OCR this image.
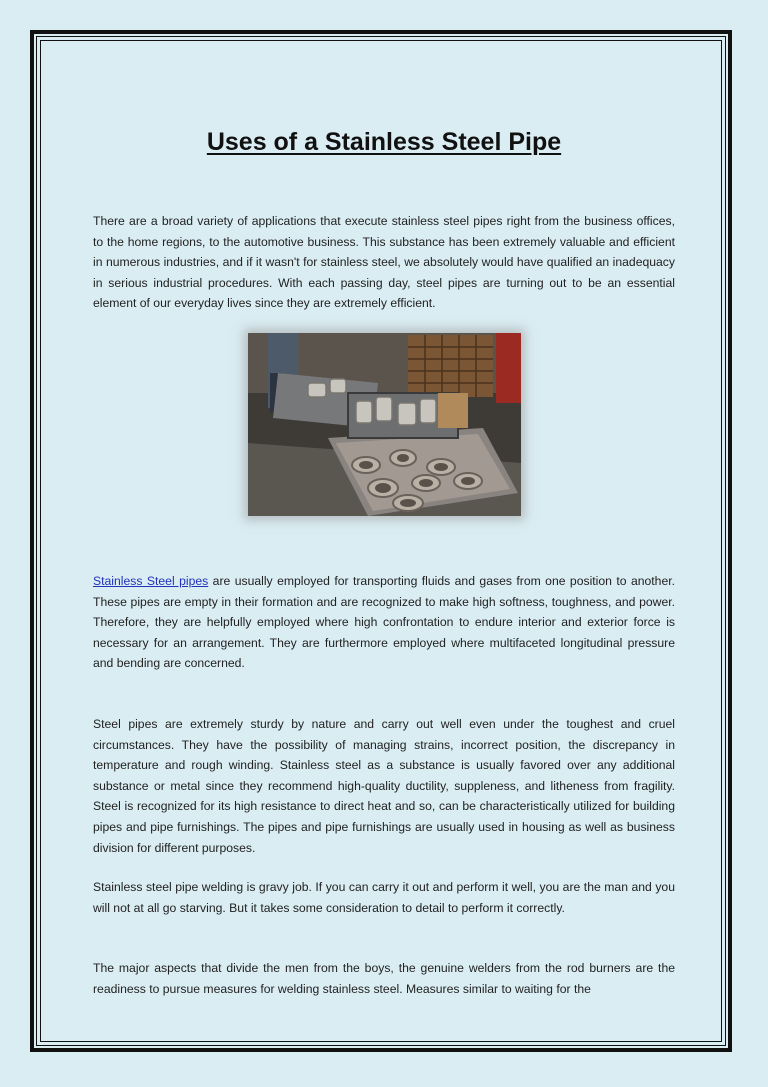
Uses of a Stainless Steel Pipe

There are a broad variety of applications that execute stainless steel pipes right from the business offices, to the home regions, to the automotive business. This substance has been extremely valuable and efficient in numerous industries, and if it wasn't for stainless steel, we absolutely would have qualified an inadequacy in serious industrial procedures. With each passing day, steel pipes are turning out to be an essential element of our everyday lives since they are extremely efficient.

Stainless Steel pipes are usually employed for transporting fluids and gases from one position to another. These pipes are empty in their formation and are recognized to make high softness, toughness, and power. Therefore, they are helpfully employed where high confrontation to endure interior and exterior force is necessary for an arrangement. They are furthermore employed where multifaceted longitudinal pressure and bending are concerned.

Steel pipes are extremely sturdy by nature and carry out well even under the toughest and cruel circumstances. They have the possibility of managing strains, incorrect position, the discrepancy in temperature and rough winding. Stainless steel as a substance is usually favored over any additional substance or metal since they recommend high-quality ductility, suppleness, and litheness from fragility. Steel is recognized for its high resistance to direct heat and so, can be characteristically utilized for building pipes and pipe furnishings. The pipes and pipe furnishings are usually used in housing as well as business division for different purposes.

Stainless steel pipe welding is gravy job. If you can carry it out and perform it well, you are the man and you will not at all go starving. But it takes some consideration to detail to perform it correctly.

The major aspects that divide the men from the boys, the genuine welders from the rod burners are the readiness to pursue measures for welding stainless steel. Measures similar to waiting for the
